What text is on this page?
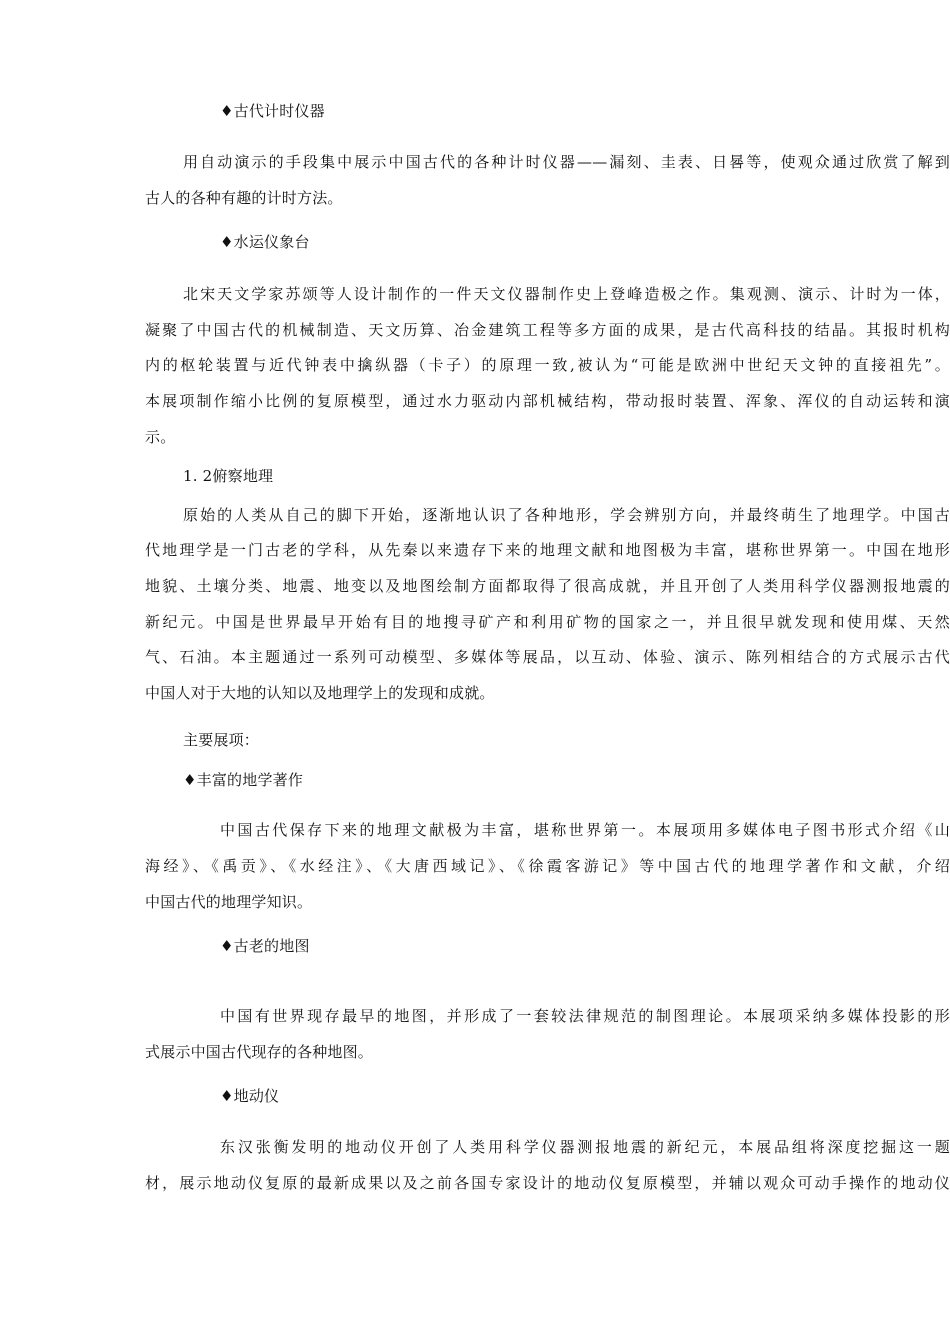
♦古代计时仪器
用自动演示的手段集中展示中国古代的各种计时仪器——漏刻、圭表、日晷等，使观众通过欣赏了解到
古人的各种有趣的计时方法。
♦水运仪象台
北宋天文学家苏颂等人设计制作的一件天文仪器制作史上登峰造极之作。集观测、演示、计时为一体，
凝聚了中国古代的机械制造、天文历算、冶金建筑工程等多方面的成果，是古代高科技的结晶。其报时机构
内的枢轮装置与近代钟表中擒纵器（卡子）的原理一致,被认为“可能是欧洲中世纪天文钟的直接祖先”。
本展项制作缩小比例的复原模型，通过水力驱动内部机械结构，带动报时装置、浑象、浑仪的自动运转和演
示。
1. 2俯察地理
原始的人类从自己的脚下开始，逐渐地认识了各种地形，学会辨别方向，并最终萌生了地理学。中国古
代地理学是一门古老的学科，从先秦以来遗存下来的地理文献和地图极为丰富，堪称世界第一。中国在地形
地貌、土壤分类、地震、地变以及地图绘制方面都取得了很高成就，并且开创了人类用科学仪器测报地震的
新纪元。中国是世界最早开始有目的地搜寻矿产和利用矿物的国家之一，并且很早就发现和使用煤、天然
气、石油。本主题通过一系列可动模型、多媒体等展品，以互动、体验、演示、陈列相结合的方式展示古代
中国人对于大地的认知以及地理学上的发现和成就。
主要展项：
♦丰富的地学著作
中国古代保存下来的地理文献极为丰富，堪称世界第一。本展项用多媒体电子图书形式介绍《山
海经》、《禹贡》、《水经注》、《大唐西域记》、《徐霞客游记》等中国古代的地理学著作和文献，介绍
中国古代的地理学知识。
♦古老的地图
中国有世界现存最早的地图，并形成了一套较法律规范的制图理论。本展项采纳多媒体投影的形
式展示中国古代现存的各种地图。
♦地动仪
东汉张衡发明的地动仪开创了人类用科学仪器测报地震的新纪元，本展品组将深度挖掘这一题
材，展示地动仪复原的最新成果以及之前各国专家设计的地动仪复原模型，并辅以观众可动手操作的地动仪
